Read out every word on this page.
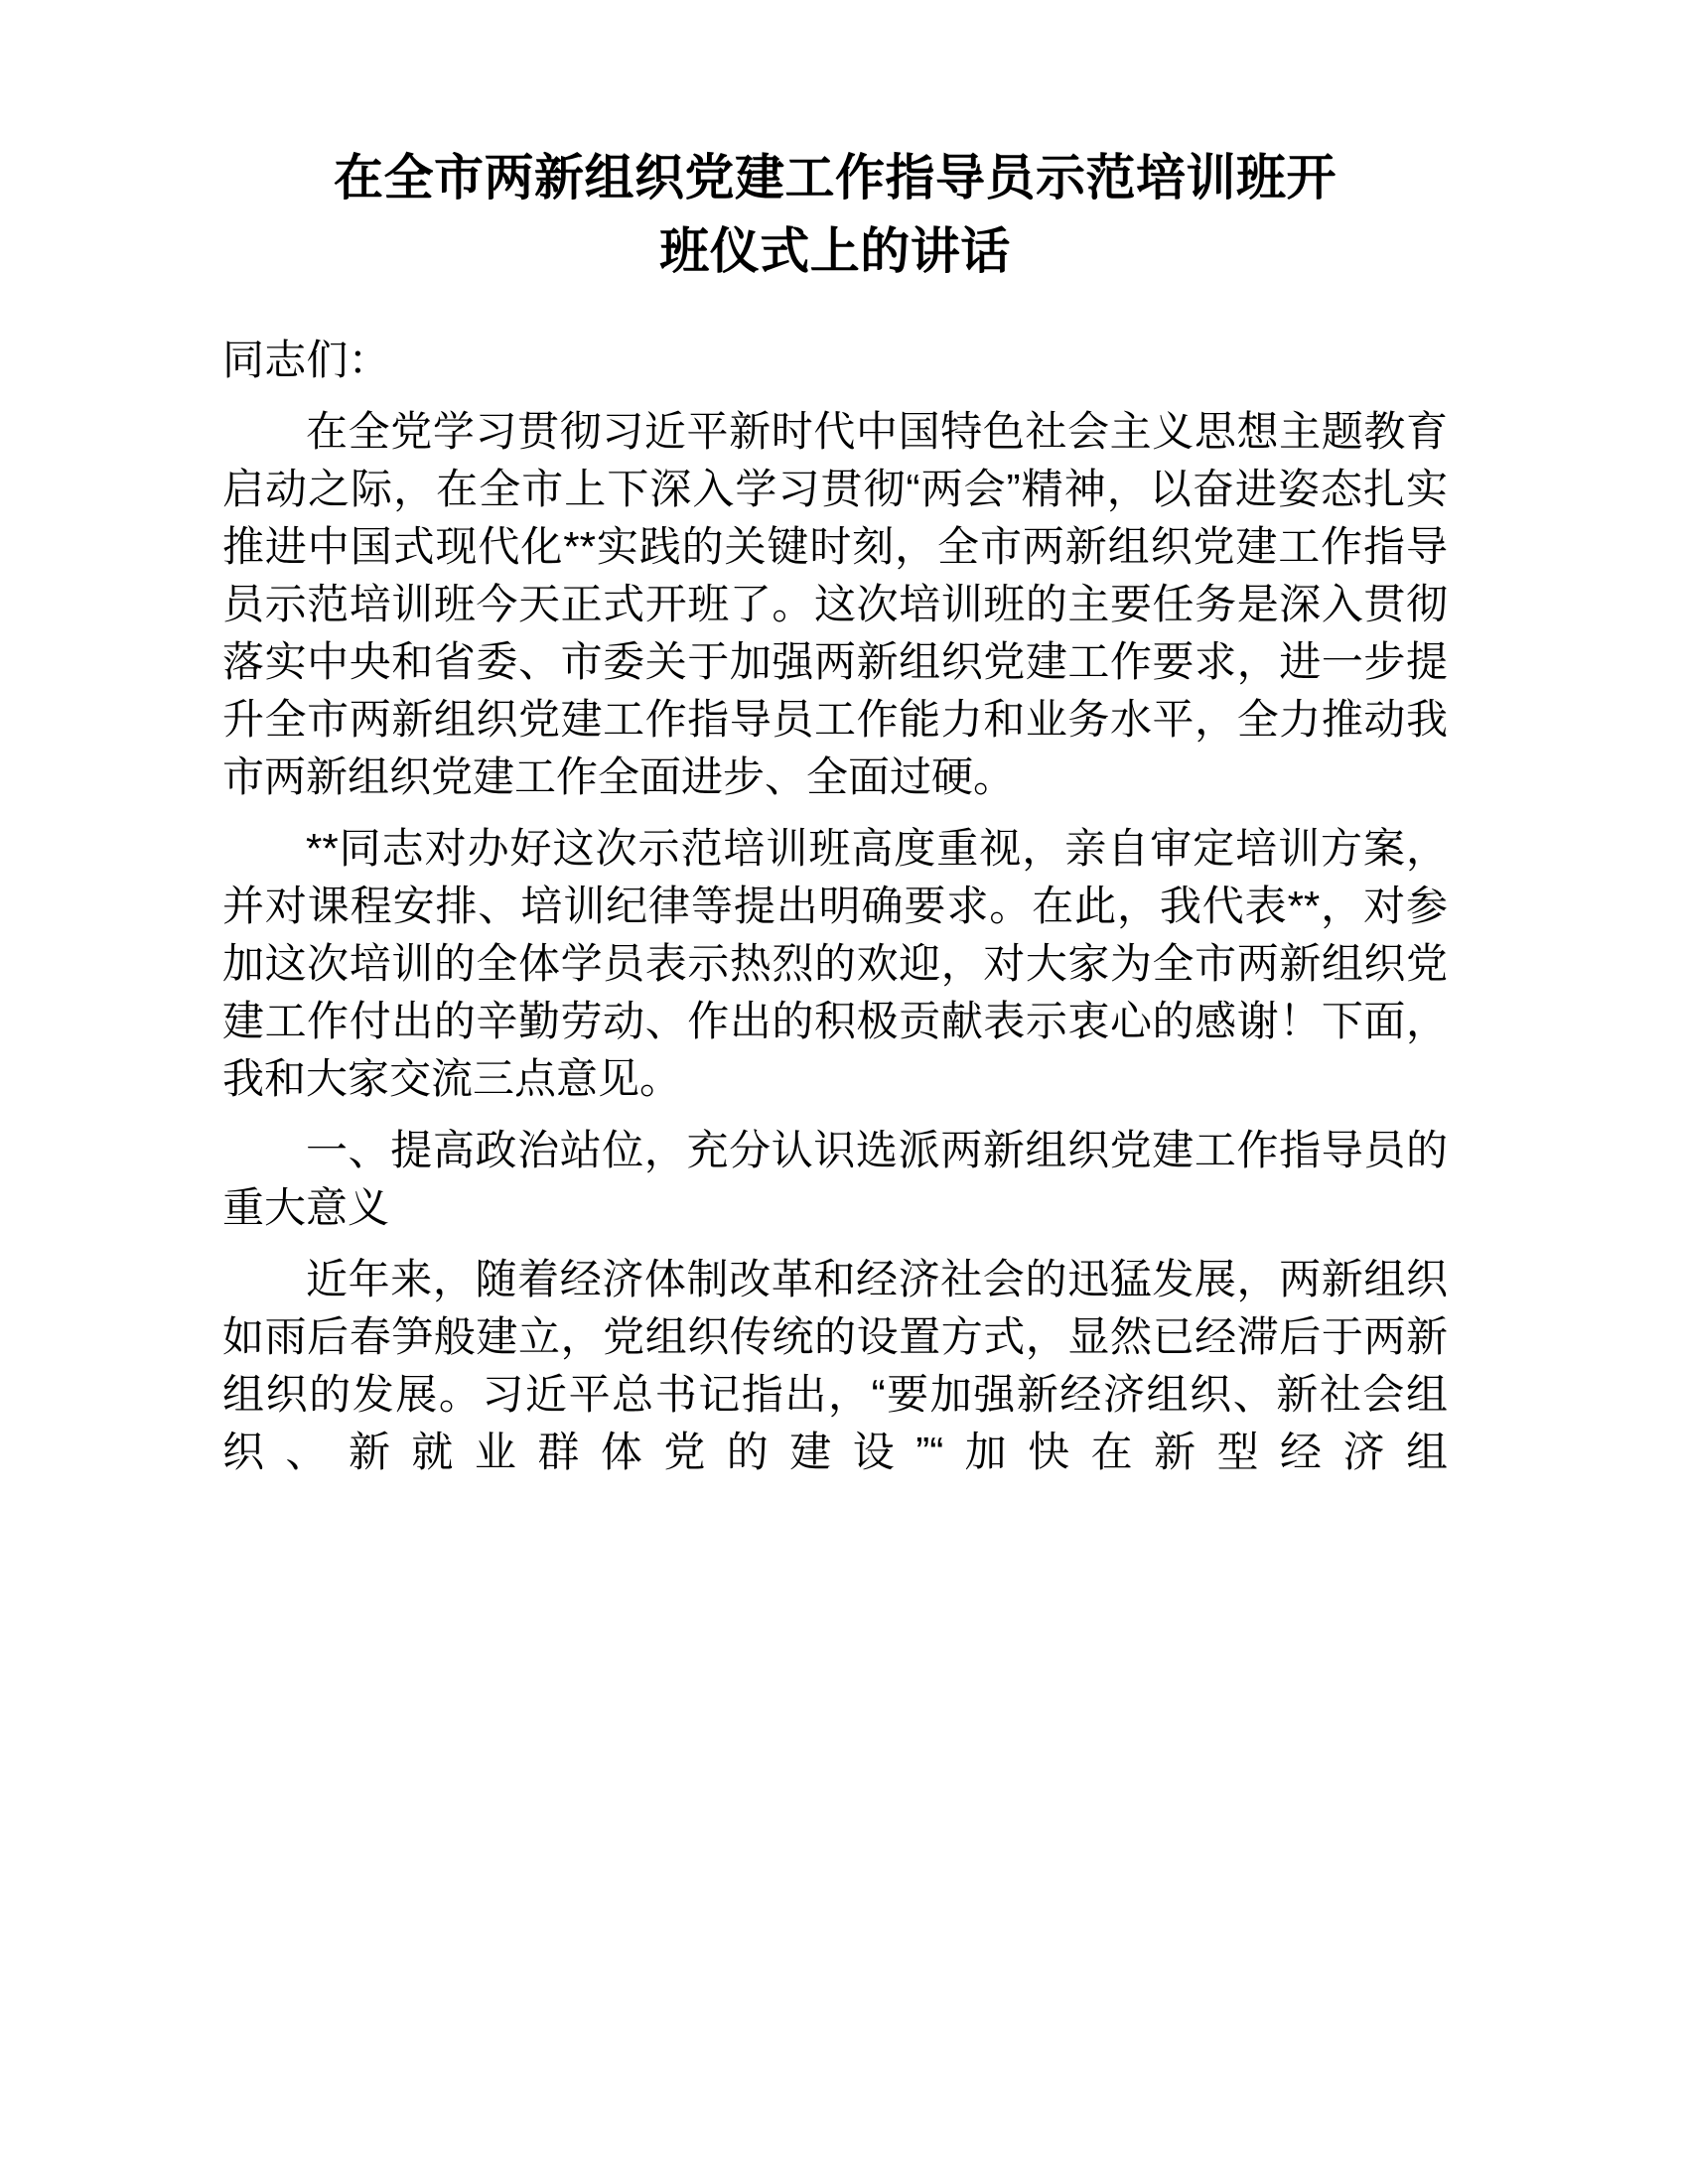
在全市两新组织党建工作指导员示范培训班开
班仪式上的讲话

同志们：

在全党学习贯彻习近平新时代中国特色社会主义思想主题教育启动之际，在全市上下深入学习贯彻“两会”精神，以奋进姿态扎实推进中国式现代化**实践的关键时刻，全市两新组织党建工作指导员示范培训班今天正式开班了。这次培训班的主要任务是深入贯彻落实中央和省委、市委关于加强两新组织党建工作要求，进一步提升全市两新组织党建工作指导员工作能力和业务水平，全力推动我市两新组织党建工作全面进步、全面过硬。

**同志对办好这次示范培训班高度重视，亲自审定培训方案，并对课程安排、培训纪律等提出明确要求。在此，我代表**，对参加这次培训的全体学员表示热烈的欢迎，对大家为全市两新组织党建工作付出的辛勤劳动、作出的积极贡献表示衷心的感谢！下面，我和大家交流三点意见。

一、提高政治站位，充分认识选派两新组织党建工作指导员的重大意义

近年来，随着经济体制改革和经济社会的迅猛发展，两新组织如雨后春笋般建立，党组织传统的设置方式，显然已经滞后于两新组织的发展。习近平总书记指出，“要加强新经济组织、新社会组织、新就业群体党的建设”“加快在新型经济组
